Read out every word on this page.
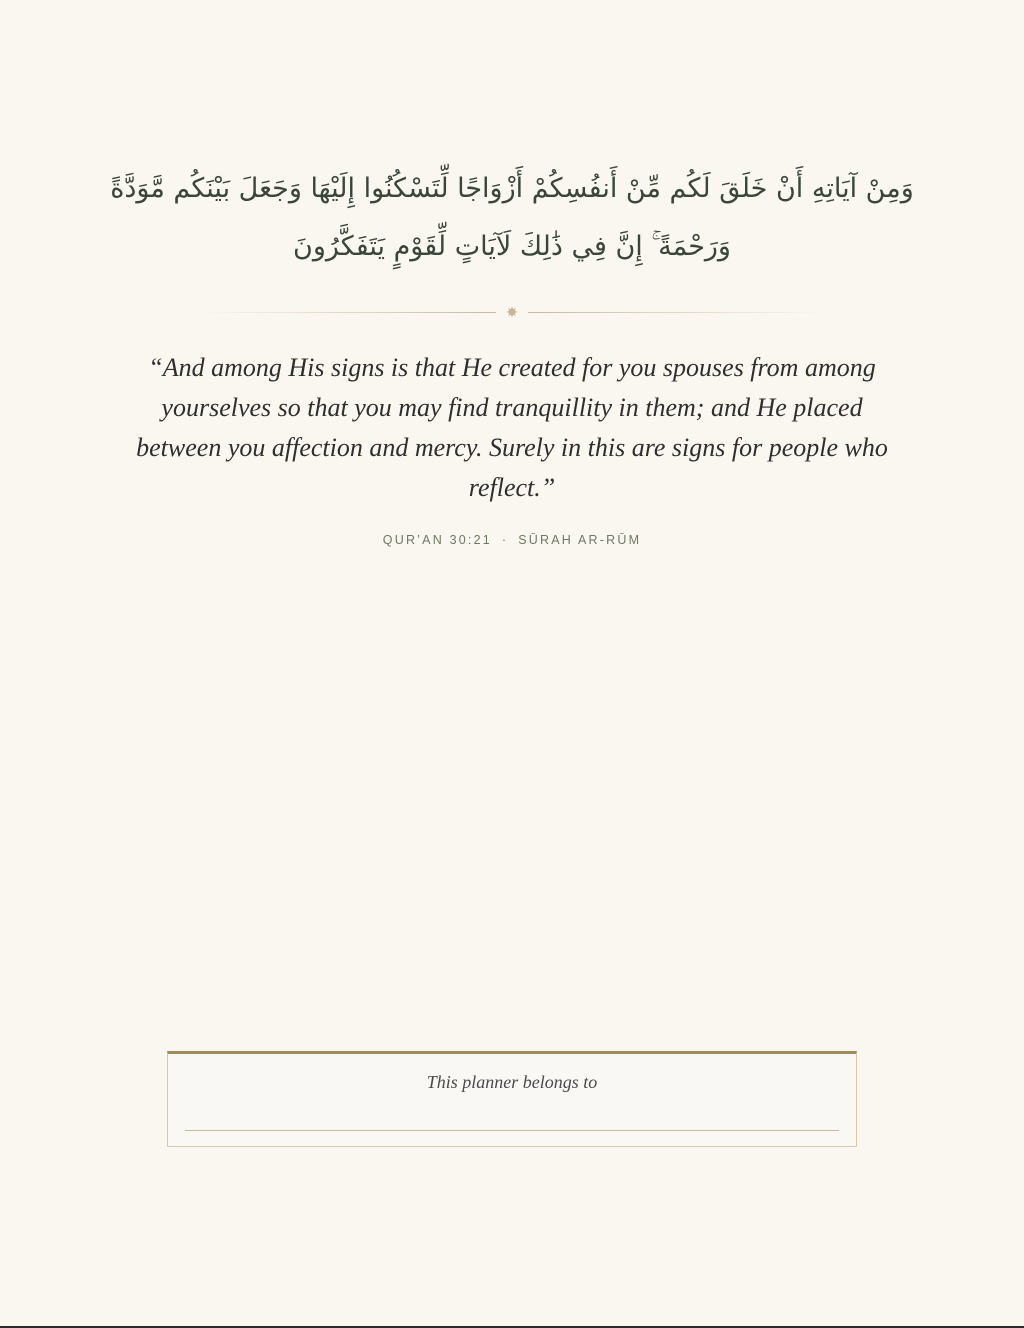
وَمِنْ آيَاتِهِ أَنْ خَلَقَ لَكُم مِّنْ أَنفُسِكُمْ أَزْوَاجًا لِّتَسْكُنُوا إِلَيْهَا وَجَعَلَ بَيْنَكُم مَّوَدَّةً وَرَحْمَةً ۚ إِنَّ فِي ذَٰلِكَ لَآيَاتٍ لِّقَوْمٍ يَتَفَكَّرُونَ
✸
“And among His signs is that He created for you spouses from among yourselves so that you may find tranquillity in them; and He placed between you affection and mercy. Surely in this are signs for people who reflect.”
QUR’AN 30:21 · SŪRAH AR-RŪM
This planner belongs to
